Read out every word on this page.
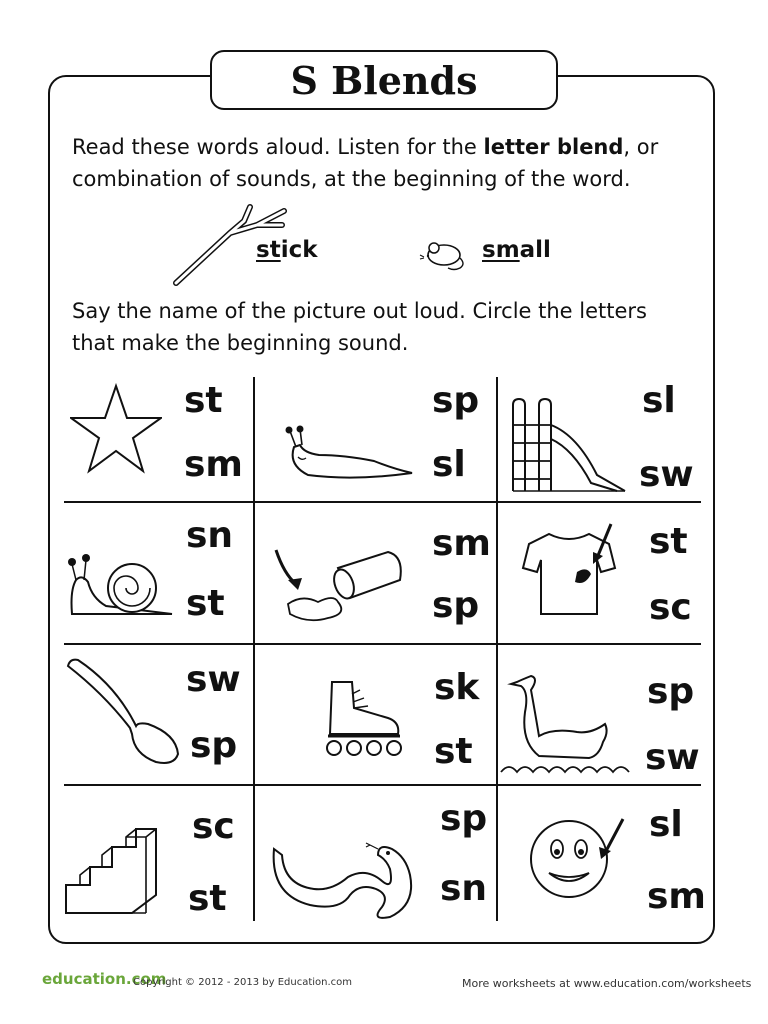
S Blends
Read these words aloud. Listen for the letter blend, or
combination of sounds, at the beginning of the word.
stick	small
Say the name of the picture out loud. Circle the letters
that make the beginning sound.
st
sm
sp
sl
sl
sw
sn
st
sm
sp
st
sc
sw
sp
sk
st
sp
sw
sc
st
sp
sn
sl
sm
education.com
Copyright © 2012 - 2013 by Education.com	More worksheets at www.education.com/worksheets
